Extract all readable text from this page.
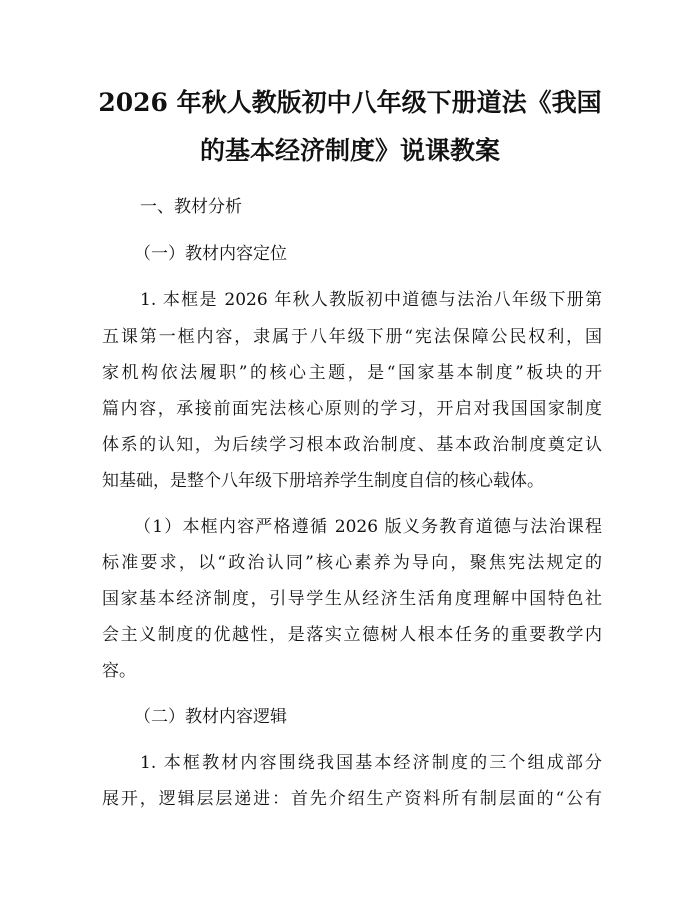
2026 年秋人教版初中八年级下册道法《我国
的基本经济制度》说课教案
一、教材分析
（一）教材内容定位
1. 本框是 2026 年秋人教版初中道德与法治八年级下册第
五课第一框内容，隶属于八年级下册“宪法保障公民权利，国
家机构依法履职”的核心主题，是“国家基本制度”板块的开
篇内容，承接前面宪法核心原则的学习，开启对我国国家制度
体系的认知，为后续学习根本政治制度、基本政治制度奠定认
知基础，是整个八年级下册培养学生制度自信的核心载体。
（1）本框内容严格遵循 2026 版义务教育道德与法治课程
标准要求，以“政治认同”核心素养为导向，聚焦宪法规定的
国家基本经济制度，引导学生从经济生活角度理解中国特色社
会主义制度的优越性，是落实立德树人根本任务的重要教学内
容。
（二）教材内容逻辑
1. 本框教材内容围绕我国基本经济制度的三个组成部分
展开，逻辑层层递进：首先介绍生产资料所有制层面的“公有
